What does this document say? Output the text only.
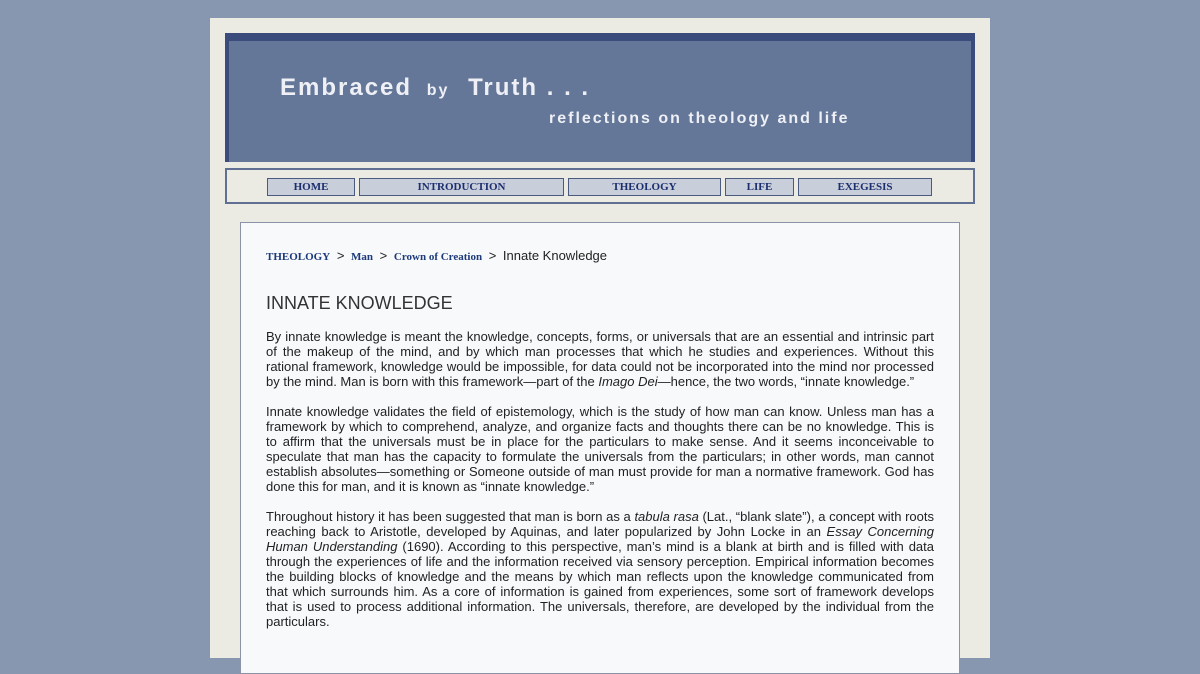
Embraced by Truth . . .
reflections on theology and life
HOME	INTRODUCTION	THEOLOGY	LIFE	EXEGESIS
THEOLOGY > Man > Crown of Creation > Innate Knowledge
INNATE KNOWLEDGE

By innate knowledge is meant the knowledge, concepts, forms, or universals that are an essential and intrinsic part of the makeup of the mind, and by which man processes that which he studies and experiences. Without this rational framework, knowledge would be impossible, for data could not be incorporated into the mind nor processed by the mind. Man is born with this framework—part of the Imago Dei—hence, the two words, “innate knowledge.”

Innate knowledge validates the field of epistemology, which is the study of how man can know. Unless man has a framework by which to comprehend, analyze, and organize facts and thoughts there can be no knowledge. This is to affirm that the universals must be in place for the particulars to make sense. And it seems inconceivable to speculate that man has the capacity to formulate the universals from the particulars; in other words, man cannot establish absolutes—something or Someone outside of man must provide for man a normative framework. God has done this for man, and it is known as “innate knowledge.”

Throughout history it has been suggested that man is born as a tabula rasa (Lat., “blank slate”), a concept with roots reaching back to Aristotle, developed by Aquinas, and later popularized by John Locke in an Essay Concerning Human Understanding (1690). According to this perspective, man’s mind is a blank at birth and is filled with data through the experiences of life and the information received via sensory perception. Empirical information becomes the building blocks of knowledge and the means by which man reflects upon the knowledge communicated from that which surrounds him. As a core of information is gained from experiences, some sort of framework develops that is used to process additional information. The universals, therefore, are developed by the individual from the particulars.
